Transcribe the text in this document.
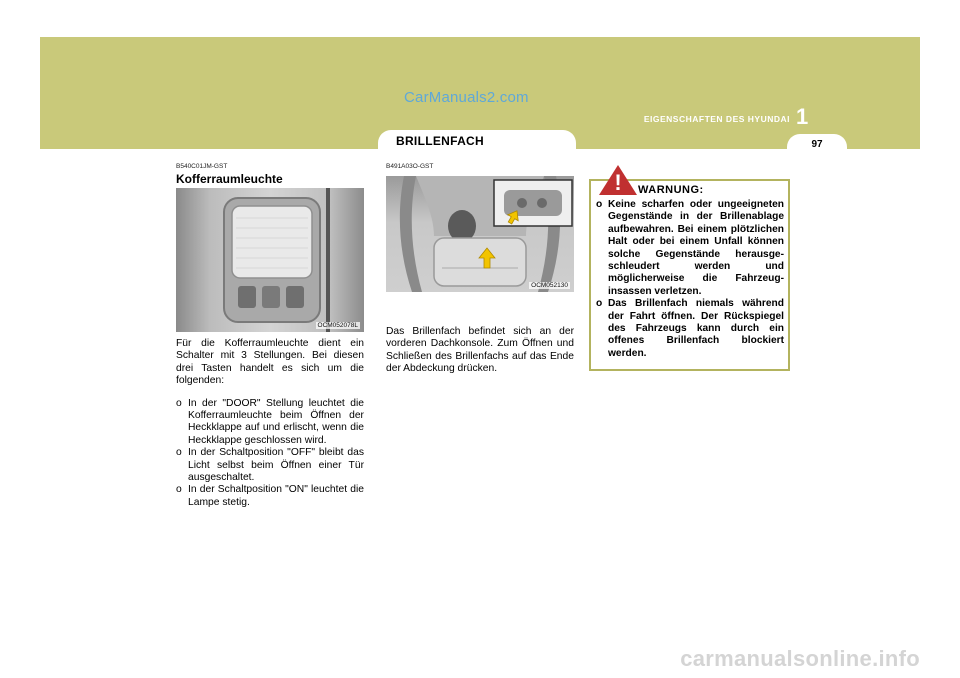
CarManuals2.com
EIGENSCHAFTEN DES HYUNDAI 1
97
BRILLENFACH
B540C01JM-GST
Kofferraumleuchte
OCM052078L

Für die Kofferraumleuchte dient ein Schalter mit 3 Stellungen. Bei diesen drei Tasten handelt es sich um die folgenden:

o In der "DOOR" Stellung leuchtet die Kofferraumleuchte beim Öffnen der Heckklappe auf und erlischt, wenn die Heckklappe geschlossen wird.
o In der Schaltposition "OFF" bleibt das Licht selbst beim Öffnen einer Tür ausgeschaltet.
o In der Schaltposition "ON" leuchtet die Lampe stetig.
B491A03O-GST
OCM052130

Das Brillenfach befindet sich an der vorderen Dachkonsole. Zum Öffnen und Schließen des Brillenfachs auf das Ende der Abdeckung drücken.

!	WARNUNG:
o Keine scharfen oder ungeeigneten Gegenstände in der Brillenablage aufbewahren. Bei einem plötzlichen Halt oder bei einem Unfall können solche Gegenstände herausge-schleudert werden und möglicherweise die Fahrzeug-insassen verletzen.
o Das Brillenfach niemals während der Fahrt öffnen. Der Rückspiegel des Fahrzeugs kann durch ein offenes Brillenfach blockiert werden.
carmanualsonline.info
